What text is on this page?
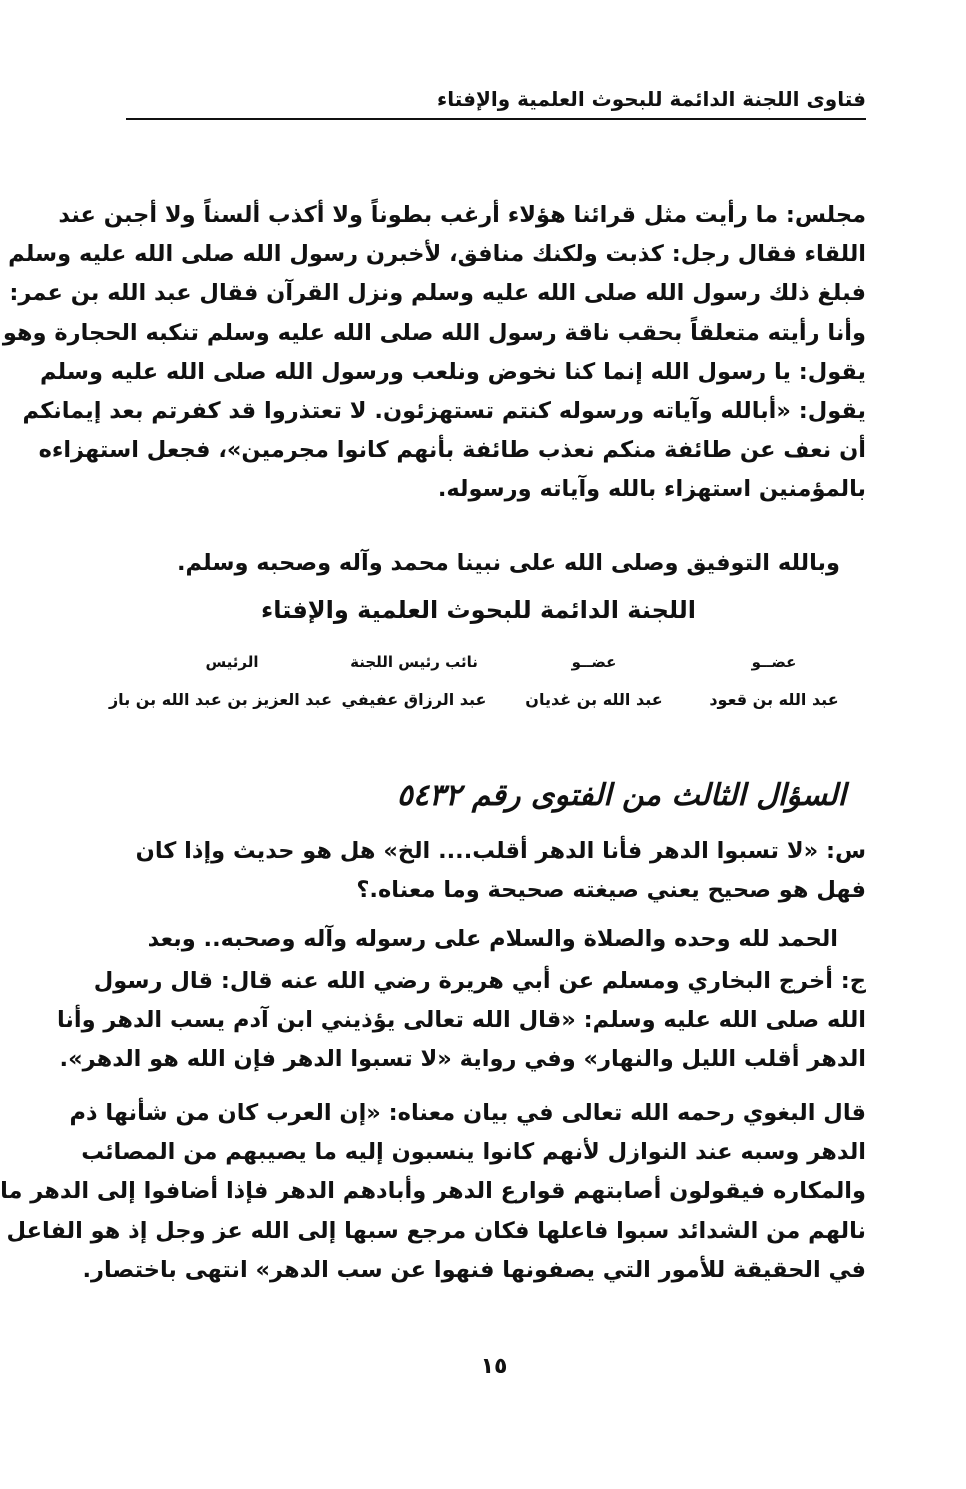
فتاوى اللجنة الدائمة للبحوث العلمية والإفتاء

مجلس: ما رأيت مثل قرائنا هؤلاء أرغب بطوناً ولا أكذب ألسناً ولا أجبن عند
اللقاء فقال رجل: كذبت ولكنك منافق، لأخبرن رسول الله صلى الله عليه وسلم
فبلغ ذلك رسول الله صلى الله عليه وسلم ونزل القرآن فقال عبد الله بن عمر:
وأنا رأيته متعلقاً بحقب ناقة رسول الله صلى الله عليه وسلم تنكبه الحجارة وهو
يقول: يا رسول الله إنما كنا نخوض ونلعب ورسول الله صلى الله عليه وسلم
يقول: «أبالله وآياته ورسوله كنتم تستهزئون. لا تعتذروا قد كفرتم بعد إيمانكم
أن نعف عن طائفة منكم نعذب طائفة بأنهم كانوا مجرمين»، فجعل استهزاءه
بالمؤمنين استهزاء بالله وآياته ورسوله.

وبالله التوفيق وصلى الله على نبينا محمد وآله وصحبه وسلم.
اللجنة الدائمة للبحوث العلمية والإفتاء
الرئيس
عبد العزيز بن عبد الله بن باز
نائب رئيس اللجنة
عبد الرزاق عفيفي
عضــو
عبد الله بن غديان
عضــو
عبد الله بن قعود
السؤال الثالث من الفتوى رقم ٥٤٣٢

س: «لا تسبوا الدهر فأنا الدهر أقلب.... الخ» هل هو حديث وإذا كان
فهل هو صحيح يعني صيغته صحيحة وما معناه.؟

الحمد لله وحده والصلاة والسلام على رسوله وآله وصحبه.. وبعد

ج: أخرج البخاري ومسلم عن أبي هريرة رضي الله عنه قال: قال رسول
الله صلى الله عليه وسلم: «قال الله تعالى يؤذيني ابن آدم يسب الدهر وأنا
الدهر أقلب الليل والنهار» وفي رواية «لا تسبوا الدهر فإن الله هو الدهر».

قال البغوي رحمه الله تعالى في بيان معناه: «إن العرب كان من شأنها ذم
الدهر وسبه عند النوازل لأنهم كانوا ينسبون إليه ما يصيبهم من المصائب
والمكاره فيقولون أصابتهم قوارع الدهر وأبادهم الدهر فإذا أضافوا إلى الدهر ما
نالهم من الشدائد سبوا فاعلها فكان مرجع سبها إلى الله عز وجل إذ هو الفاعل
في الحقيقة للأمور التي يصفونها فنهوا عن سب الدهر» انتهى باختصار.

١٥
